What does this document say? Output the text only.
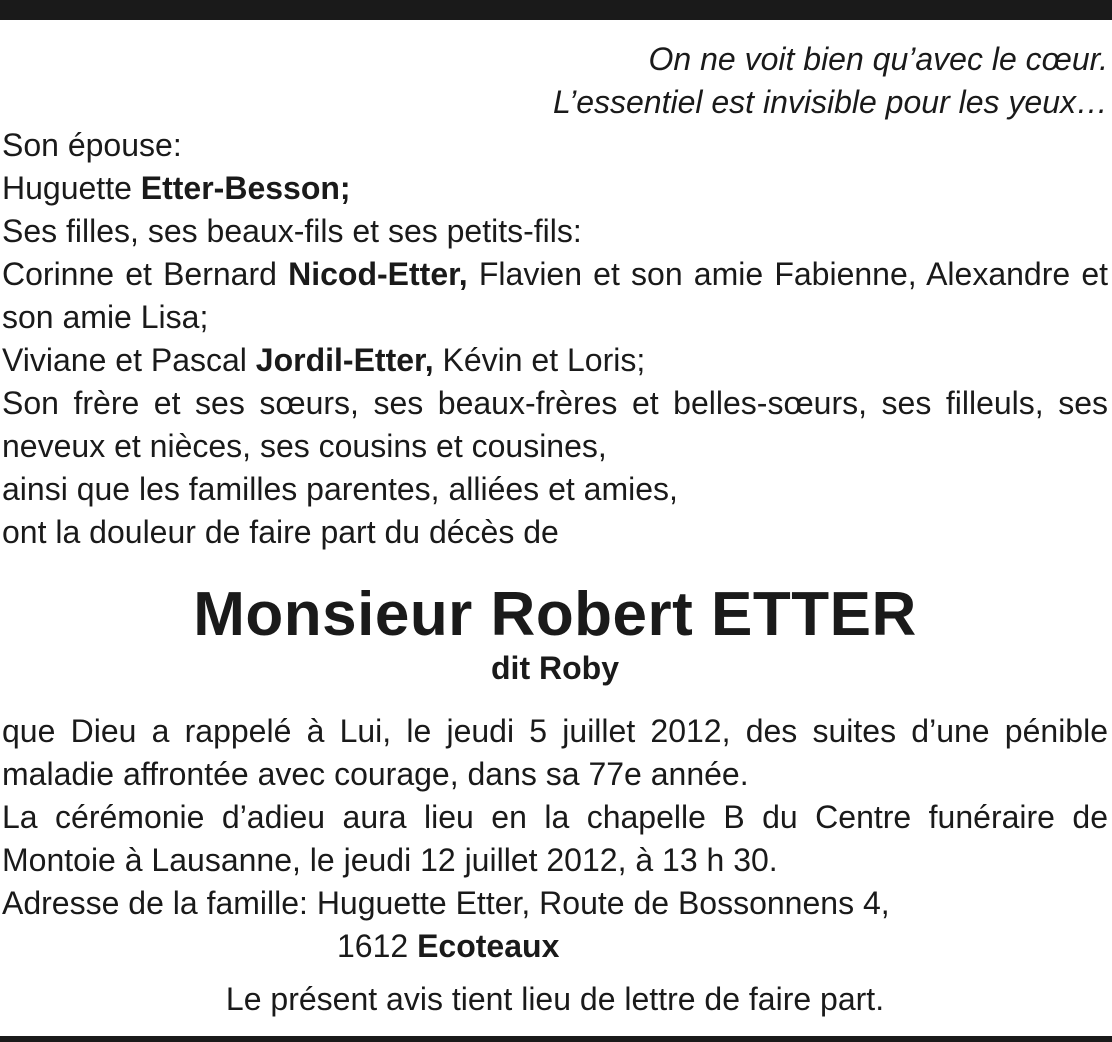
On ne voit bien qu’avec le cœur.
L’essentiel est invisible pour les yeux…
Son épouse:
Huguette Etter-Besson;
Ses filles, ses beaux-fils et ses petits-fils:
Corinne et Bernard Nicod-Etter, Flavien et son amie Fabienne, Alexandre et son amie Lisa;
Viviane et Pascal Jordil-Etter, Kévin et Loris;
Son frère et ses sœurs, ses beaux-frères et belles-sœurs, ses filleuls, ses neveux et nièces, ses cousins et cousines,
ainsi que les familles parentes, alliées et amies,
ont la douleur de faire part du décès de
Monsieur Robert ETTER
dit Roby
que Dieu a rappelé à Lui, le jeudi 5 juillet 2012, des suites d’une pénible maladie affrontée avec courage, dans sa 77e année.
La cérémonie d’adieu aura lieu en la chapelle B du Centre funéraire de Montoie à Lausanne, le jeudi 12 juillet 2012, à 13 h 30.
Adresse de la famille: Huguette Etter, Route de Bossonnens 4,
1612 Ecoteaux
Le présent avis tient lieu de lettre de faire part.
